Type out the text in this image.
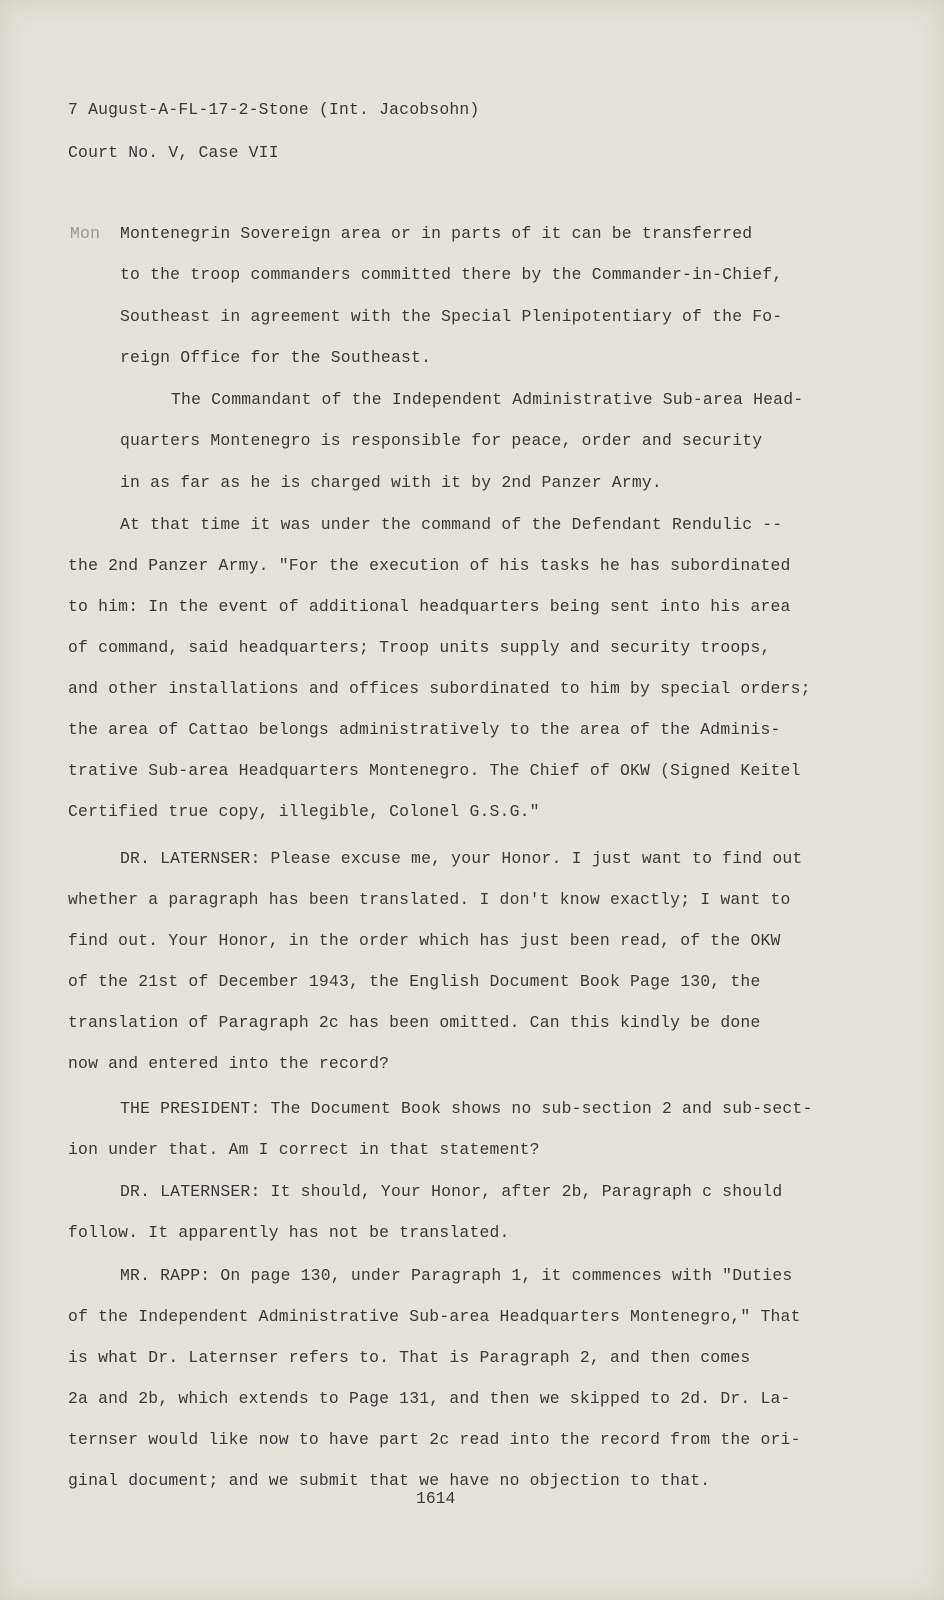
7 August-A-FL-17-2-Stone (Int. Jacobsohn)
Court No. V, Case VII
Mon Montenegrin Sovereign area or in parts of it can be transferred
to the troop commanders committed there by the Commander-in-Chief,
Southeast in agreement with the Special Plenipotentiary of the Fo-
reign Office for the Southeast.
The Commandant of the Independent Administrative Sub-area Head-
quarters Montenegro is responsible for peace, order and security
in as far as he is charged with it by 2nd Panzer Army.
At that time it was under the command of the Defendant Rendulic --
the 2nd Panzer Army. "For the execution of his tasks he has subordinated
to him: In the event of additional headquarters being sent into his area
of command, said headquarters; Troop units supply and security troops,
and other installations and offices subordinated to him by special orders;
the area of Cattao belongs administratively to the area of the Adminis-
trative Sub-area Headquarters Montenegro. The Chief of OKW (Signed Keitel
Certified true copy, illegible, Colonel G.S.G."
DR. LATERNSER: Please excuse me, your Honor. I just want to find out
whether a paragraph has been translated. I don't know exactly; I want to
find out. Your Honor, in the order which has just been read, of the OKW
of the 21st of December 1943, the English Document Book Page 130, the
translation of Paragraph 2c has been omitted. Can this kindly be done
now and entered into the record?
THE PRESIDENT: The Document Book shows no sub-section 2 and sub-sect-
ion under that. Am I correct in that statement?
DR. LATERNSER: It should, Your Honor, after 2b, Paragraph c should
follow. It apparently has not be translated.
MR. RAPP: On page 130, under Paragraph 1, it commences with "Duties
of the Independent Administrative Sub-area Headquarters Montenegro," That
is what Dr. Laternser refers to. That is Paragraph 2, and then comes
2a and 2b, which extends to Page 131, and then we skipped to 2d. Dr. La-
ternser would like now to have part 2c read into the record from the ori-
ginal document; and we submit that we have no objection to that.
1614
